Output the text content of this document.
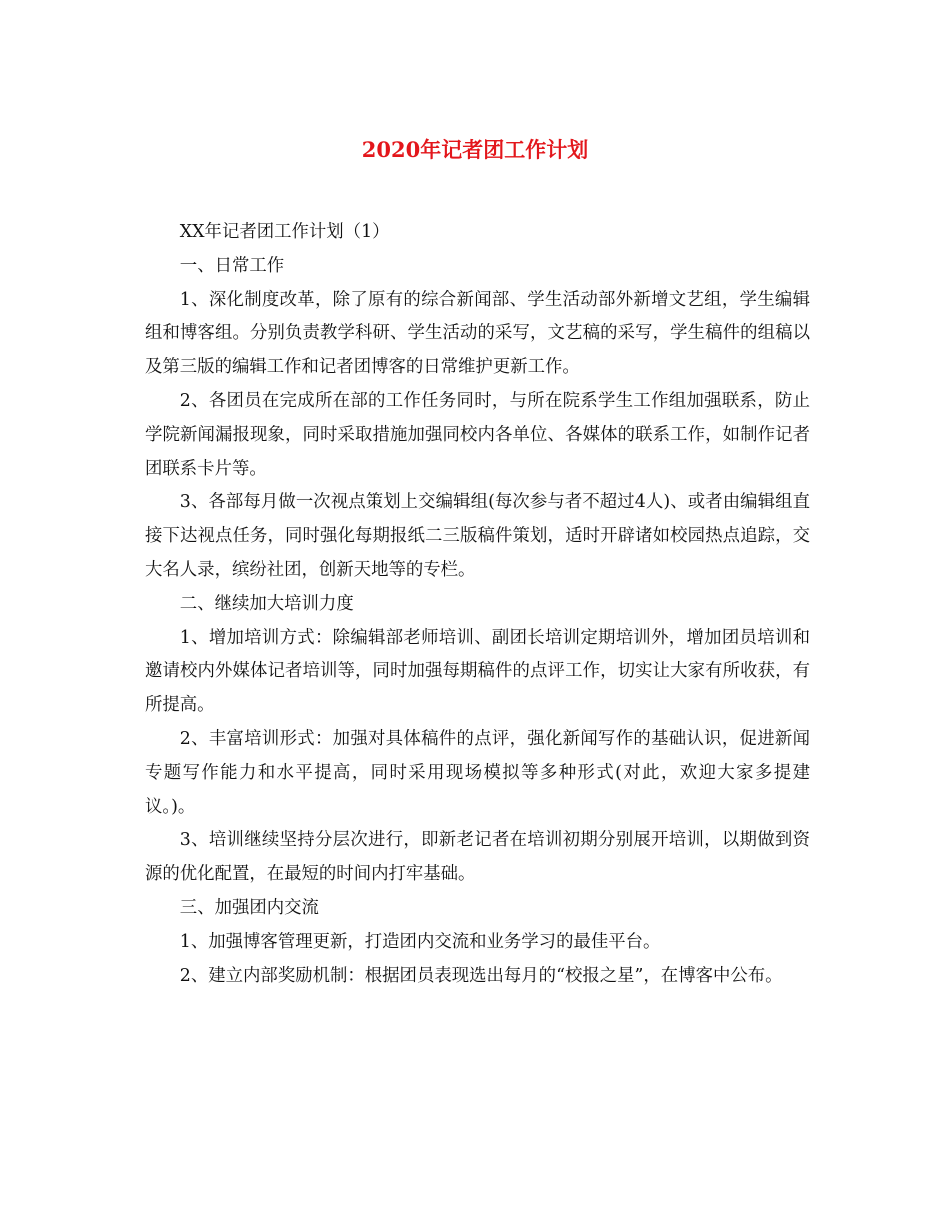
2020年记者团工作计划

XX年记者团工作计划（1）

一、日常工作

1、深化制度改革，除了原有的综合新闻部、学生活动部外新增文艺组，学生编辑组和博客组。分别负责教学科研、学生活动的采写，文艺稿的采写，学生稿件的组稿以及第三版的编辑工作和记者团博客的日常维护更新工作。

2、各团员在完成所在部的工作任务同时，与所在院系学生工作组加强联系，防止学院新闻漏报现象，同时采取措施加强同校内各单位、各媒体的联系工作，如制作记者团联系卡片等。

3、各部每月做一次视点策划上交编辑组(每次参与者不超过4人)、或者由编辑组直接下达视点任务，同时强化每期报纸二三版稿件策划，适时开辟诸如校园热点追踪，交大名人录，缤纷社团，创新天地等的专栏。

二、继续加大培训力度

1、增加培训方式：除编辑部老师培训、副团长培训定期培训外，增加团员培训和邀请校内外媒体记者培训等，同时加强每期稿件的点评工作，切实让大家有所收获，有所提高。

2、丰富培训形式：加强对具体稿件的点评，强化新闻写作的基础认识，促进新闻专题写作能力和水平提高，同时采用现场模拟等多种形式(对此，欢迎大家多提建议。)。

3、培训继续坚持分层次进行，即新老记者在培训初期分别展开培训，以期做到资源的优化配置，在最短的时间内打牢基础。

三、加强团内交流

1、加强博客管理更新，打造团内交流和业务学习的最佳平台。

2、建立内部奖励机制：根据团员表现选出每月的“校报之星”，在博客中公布。
